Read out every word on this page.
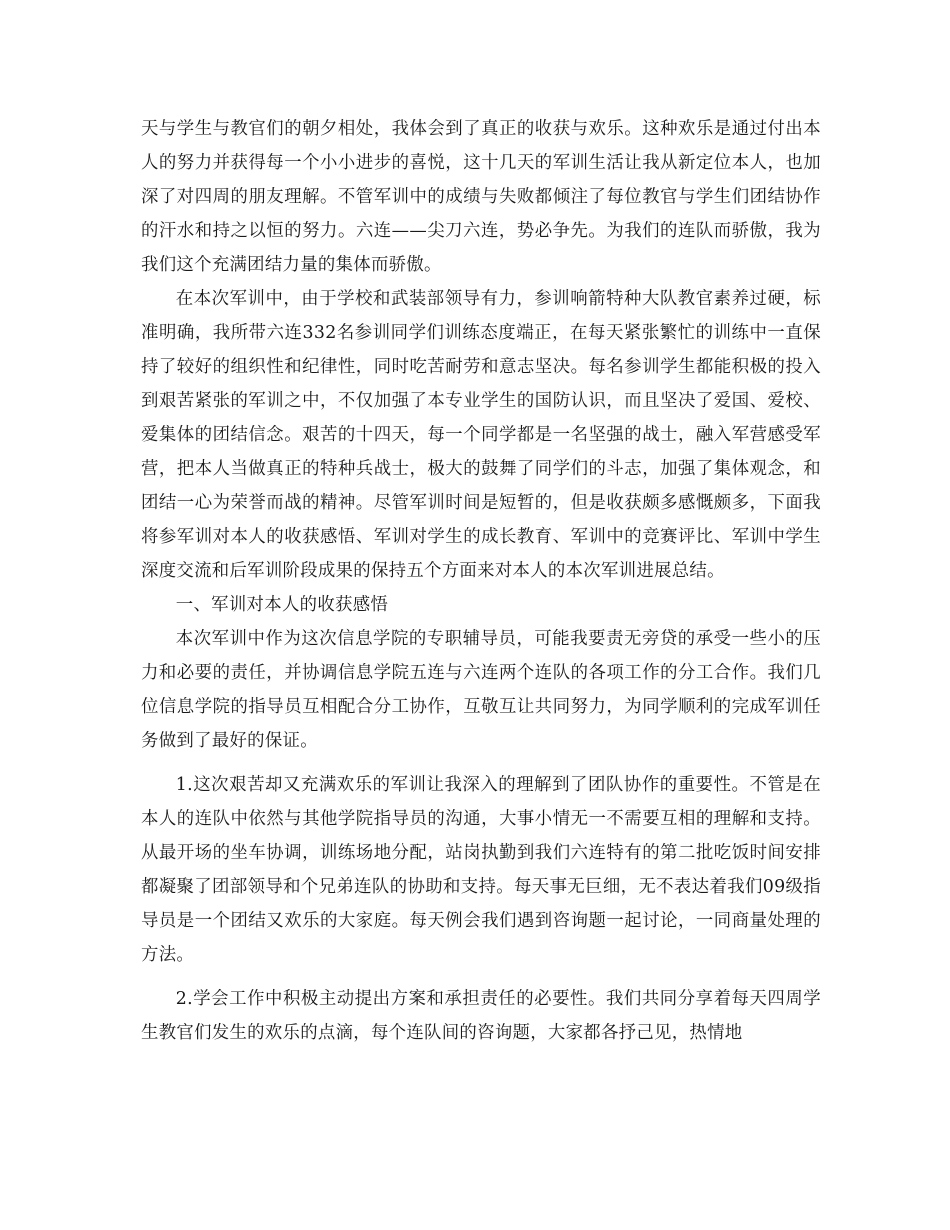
天与学生与教官们的朝夕相处，我体会到了真正的收获与欢乐。这种欢乐是通过付出本人的努力并获得每一个小小进步的喜悦，这十几天的军训生活让我从新定位本人，也加深了对四周的朋友理解。不管军训中的成绩与失败都倾注了每位教官与学生们团结协作的汗水和持之以恒的努力。六连——尖刀六连，势必争先。为我们的连队而骄傲，我为我们这个充满团结力量的集体而骄傲。

在本次军训中，由于学校和武装部领导有力，参训响箭特种大队教官素养过硬，标准明确，我所带六连332名参训同学们训练态度端正，在每天紧张繁忙的训练中一直保持了较好的组织性和纪律性，同时吃苦耐劳和意志坚决。每名参训学生都能积极的投入到艰苦紧张的军训之中，不仅加强了本专业学生的国防认识，而且坚决了爱国、爱校、爱集体的团结信念。艰苦的十四天，每一个同学都是一名坚强的战士，融入军营感受军营，把本人当做真正的特种兵战士，极大的鼓舞了同学们的斗志，加强了集体观念，和团结一心为荣誉而战的精神。尽管军训时间是短暂的，但是收获颇多感慨颇多，下面我将参军训对本人的收获感悟、军训对学生的成长教育、军训中的竞赛评比、军训中学生深度交流和后军训阶段成果的保持五个方面来对本人的本次军训进展总结。

一、军训对本人的收获感悟

本次军训中作为这次信息学院的专职辅导员，可能我要责无旁贷的承受一些小的压力和必要的责任，并协调信息学院五连与六连两个连队的各项工作的分工合作。我们几位信息学院的指导员互相配合分工协作，互敬互让共同努力，为同学顺利的完成军训任务做到了最好的保证。

1.这次艰苦却又充满欢乐的军训让我深入的理解到了团队协作的重要性。不管是在本人的连队中依然与其他学院指导员的沟通，大事小情无一不需要互相的理解和支持。从最开场的坐车协调，训练场地分配，站岗执勤到我们六连特有的第二批吃饭时间安排都凝聚了团部领导和个兄弟连队的协助和支持。每天事无巨细，无不表达着我们09级指导员是一个团结又欢乐的大家庭。每天例会我们遇到咨询题一起讨论，一同商量处理的方法。

2.学会工作中积极主动提出方案和承担责任的必要性。我们共同分享着每天四周学生教官们发生的欢乐的点滴，每个连队间的咨询题，大家都各抒己见，热情地
